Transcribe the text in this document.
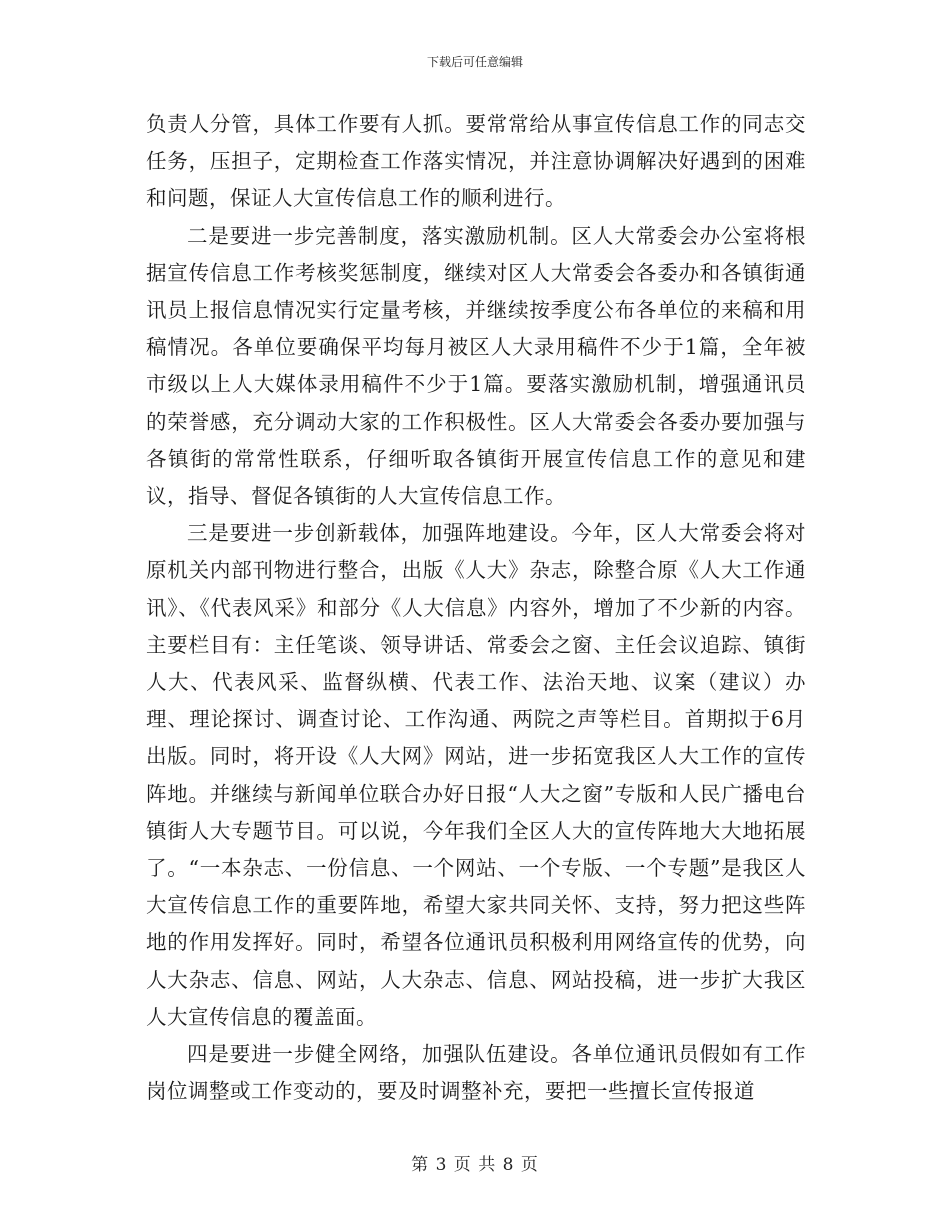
下载后可任意编辑

负责人分管，具体工作要有人抓。要常常给从事宣传信息工作的同志交任务，压担子，定期检查工作落实情况，并注意协调解决好遇到的困难和问题，保证人大宣传信息工作的顺利进行。

二是要进一步完善制度，落实激励机制。区人大常委会办公室将根据宣传信息工作考核奖惩制度，继续对区人大常委会各委办和各镇街通讯员上报信息情况实行定量考核，并继续按季度公布各单位的来稿和用稿情况。各单位要确保平均每月被区人大录用稿件不少于1篇，全年被市级以上人大媒体录用稿件不少于1篇。要落实激励机制，增强通讯员的荣誉感，充分调动大家的工作积极性。区人大常委会各委办要加强与各镇街的常常性联系，仔细听取各镇街开展宣传信息工作的意见和建议，指导、督促各镇街的人大宣传信息工作。

三是要进一步创新载体，加强阵地建设。今年，区人大常委会将对原机关内部刊物进行整合，出版《人大》杂志，除整合原《人大工作通讯》、《代表风采》和部分《人大信息》内容外，增加了不少新的内容。主要栏目有：主任笔谈、领导讲话、常委会之窗、主任会议追踪、镇街人大、代表风采、监督纵横、代表工作、法治天地、议案（建议）办理、理论探讨、调查讨论、工作沟通、两院之声等栏目。首期拟于6月出版。同时，将开设《人大网》网站，进一步拓宽我区人大工作的宣传阵地。并继续与新闻单位联合办好日报“人大之窗”专版和人民广播电台镇街人大专题节目。可以说，今年我们全区人大的宣传阵地大大地拓展了。“一本杂志、一份信息、一个网站、一个专版、一个专题”是我区人大宣传信息工作的重要阵地，希望大家共同关怀、支持，努力把这些阵地的作用发挥好。同时，希望各位通讯员积极利用网络宣传的优势，向人大杂志、信息、网站，人大杂志、信息、网站投稿，进一步扩大我区人大宣传信息的覆盖面。

四是要进一步健全网络，加强队伍建设。各单位通讯员假如有工作岗位调整或工作变动的，要及时调整补充，要把一些擅长宣传报道

第 3 页 共 8 页
